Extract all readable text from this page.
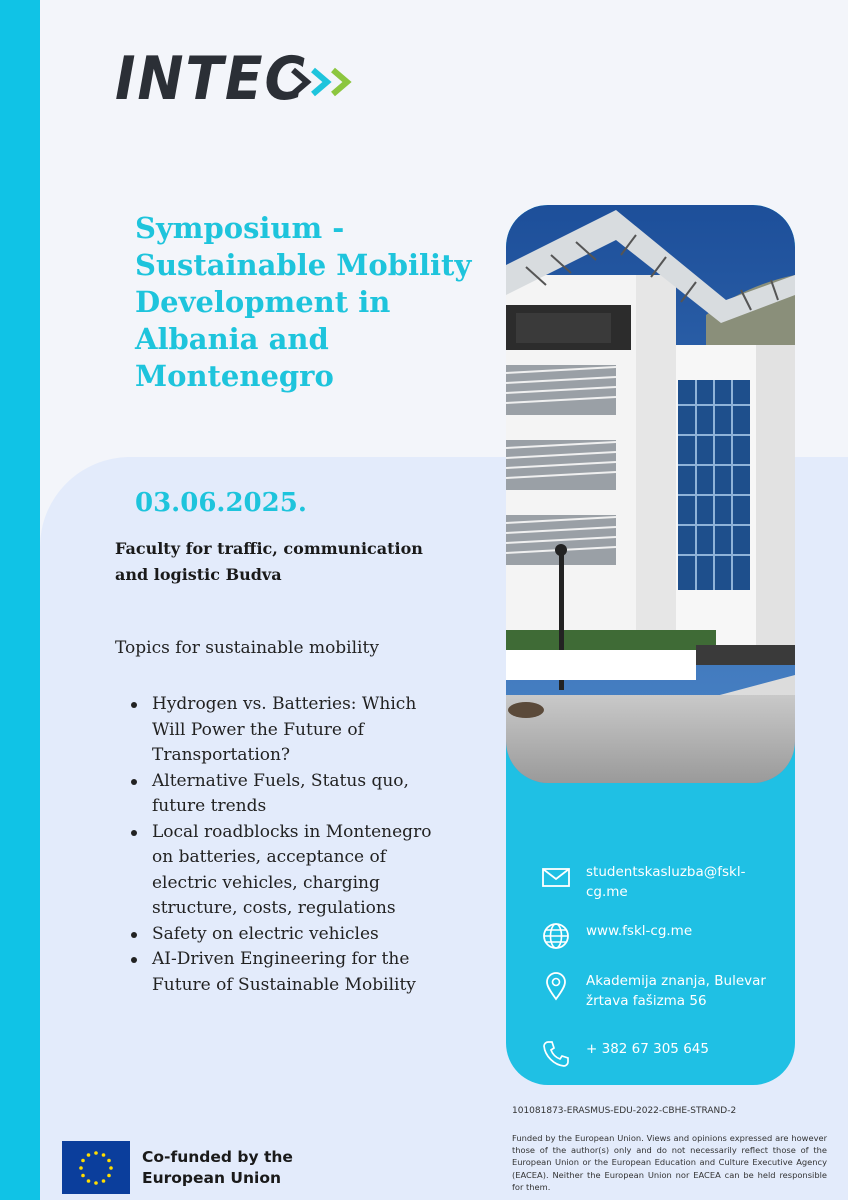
INTEC
Symposium - Sustainable Mobility Development in Albania and Montenegro
03.06.2025.
Faculty for traffic, communication and logistic Budva
Topics for sustainable mobility
Hydrogen vs. Batteries: Which Will Power the Future of Transportation?
Alternative Fuels, Status quo, future trends
Local roadblocks in Montenegro on batteries, acceptance of electric vehicles, charging structure, costs, regulations
Safety on electric vehicles
AI-Driven Engineering for the Future of Sustainable Mobility
studentskasluzba@fskl-cg.me
www.fskl-cg.me
Akademija znanja, Bulevar žrtava fašizma 56
+ 382 67 305 645
101081873-ERASMUS-EDU-2022-CBHE-STRAND-2
Funded by the European Union. Views and opinions expressed are however those of the author(s) only and do not necessarily reflect those of the European Union or the European Education and Culture Executive Agency (EACEA). Neither the European Union nor EACEA can be held responsible for them.
Co-funded by the European Union
